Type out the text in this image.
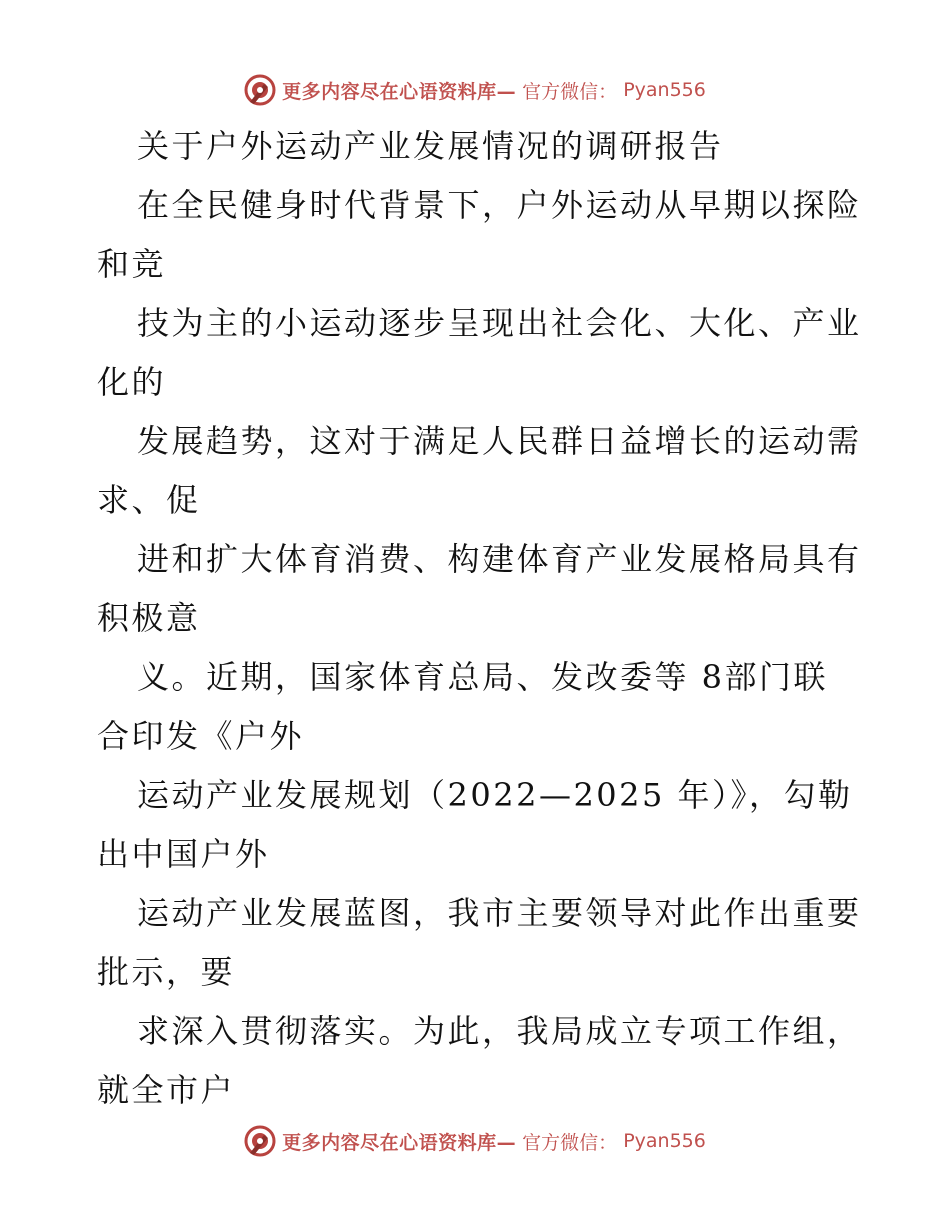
更多内容尽在心语资料库— 官方微信： Pyan556
关于户外运动产业发展情况的调研报告
在全民健身时代背景下，户外运动从早期以探险
和竞
技为主的小运动逐步呈现出社会化、大化、产业
化的
发展趋势，这对于满足人民群日益增长的运动需
求、促
进和扩大体育消费、构建体育产业发展格局具有
积极意
义。近期，国家体育总局、发改委等 8部门联
合印发《户外
运动产业发展规划（2022—2025 年）》，勾勒
出中国户外
运动产业发展蓝图，我市主要领导对此作出重要
批示，要
求深入贯彻落实。为此，我局成立专项工作组，
就全市户
更多内容尽在心语资料库— 官方微信： Pyan556
